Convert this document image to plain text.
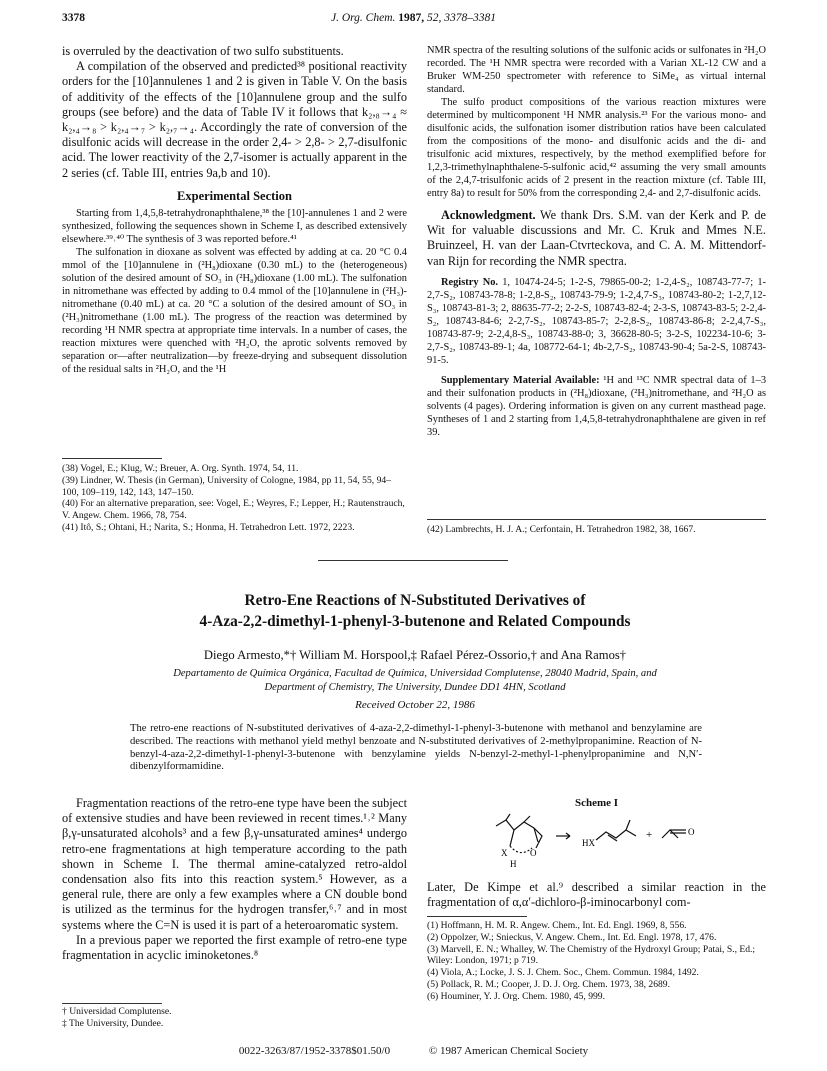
3378	J. Org. Chem. 1987, 52, 3378–3381

is overruled by the deactivation of two sulfo substituents.

A compilation of the observed and predicted³⁸ positional reactivity orders for the [10]annulenes 1 and 2 is given in Table V. On the basis of additivity of the effects of the [10]annulene group and the sulfo groups (see before) and the data of Table IV it follows that k₂,₈→₄ ≈ k₂,₄→₈ > k₂,₄→₇ > k₂,₇→₄. Accordingly the rate of conversion of the disulfonic acids will decrease in the order 2,4- > 2,8- > 2,7-disulfonic acid. The lower reactivity of the 2,7-isomer is actually apparent in the 2 series (cf. Table III, entries 9a,b and 10).

Experimental Section

Starting from 1,4,5,8-tetrahydronaphthalene,³⁸ the [10]-annulenes 1 and 2 were synthesized, following the sequences shown in Scheme I, as described extensively elsewhere.³⁹˒⁴⁰ The synthesis of 3 was reported before.⁴¹

The sulfonation in dioxane as solvent was effected by adding at ca. 20 °C 0.4 mmol of the [10]annulene in (²H₈)dioxane (0.30 mL) to the (heterogeneous) solution of the desired amount of SO₃ in (²H₈)dioxane (1.00 mL). The sulfonation in nitromethane was effected by adding to 0.4 mmol of the [10]annulene in (²H₃)-nitromethane (0.40 mL) at ca. 20 °C a solution of the desired amount of SO₃ in (²H₃)nitromethane (1.00 mL). The progress of the reaction was determined by recording ¹H NMR spectra at appropriate time intervals. In a number of cases, the reaction mixtures were quenched with ²H₂O, the aprotic solvents removed by separation or—after neutralization—by freeze-drying and subsequent dissolution of the residual salts in ²H₂O, and the ¹H

(38) Vogel, E.; Klug, W.; Breuer, A. Org. Synth. 1974, 54, 11.

(39) Lindner, W. Thesis (in German), University of Cologne, 1984, pp 11, 54, 55, 94–100, 109–119, 142, 143, 147–150.

(40) For an alternative preparation, see: Vogel, E.; Weyres, F.; Lepper, H.; Rautenstrauch, V. Angew. Chem. 1966, 78, 754.

(41) Itô, S.; Ohtani, H.; Narita, S.; Honma, H. Tetrahedron Lett. 1972, 2223.

NMR spectra of the resulting solutions of the sulfonic acids or sulfonates in ²H₂O recorded. The ¹H NMR spectra were recorded with a Varian XL-12 CW and a Bruker WM-250 spectrometer with reference to SiMe₄ as virtual internal standard.

The sulfo product compositions of the various reaction mixtures were determined by multicomponent ¹H NMR analysis.²³ For the various mono- and disulfonic acids, the sulfonation isomer distribution ratios have been calculated from the compositions of the mono- and disulfonic acids and the di- and trisulfonic acid mixtures, respectively, by the method exemplified before for 1,2,3-trimethylnaphthalene-5-sulfonic acid,⁴² assuming the very small amounts of the 2,4,7-trisulfonic acids of 2 present in the reaction mixture (cf. Table III, entry 8a) to result for 50% from the corresponding 2,4- and 2,7-disulfonic acids.

Acknowledgment. We thank Drs. S.M. van der Kerk and P. de Wit for valuable discussions and Mr. C. Kruk and Mmes N.E. Bruinzeel, H. van der Laan-Ctvrteckova, and C. A. M. Mittendorf-van Rijn for recording the NMR spectra.

Registry No. 1, 10474-24-5; 1-2-S, 79865-00-2; 1-2,4-S₂, 108743-77-7; 1-2,7-S₂, 108743-78-8; 1-2,8-S₂, 108743-79-9; 1-2,4,7-S₃, 108743-80-2; 1-2,7,12-S₃, 108743-81-3; 2, 88635-77-2; 2-2-S, 108743-82-4; 2-3-S, 108743-83-5; 2-2,4-S₂, 108743-84-6; 2-2,7-S₂, 108743-85-7; 2-2,8-S₂, 108743-86-8; 2-2,4,7-S₃, 108743-87-9; 2-2,4,8-S₃, 108743-88-0; 3, 36628-80-5; 3-2-S, 102234-10-6; 3-2,7-S₂, 108743-89-1; 4a, 108772-64-1; 4b-2,7-S₂, 108743-90-4; 5a-2-S, 108743-91-5.

Supplementary Material Available: ¹H and ¹³C NMR spectral data of 1–3 and their sulfonation products in (²H₈)dioxane, (²H₃)nitromethane, and ²H₂O as solvents (4 pages). Ordering information is given on any current masthead page. Syntheses of 1 and 2 starting from 1,4,5,8-tetrahydronaphthalene are given in ref 39.

(42) Lambrechts, H. J. A.; Cerfontain, H. Tetrahedron 1982, 38, 1667.

Retro-Ene Reactions of N-Substituted Derivatives of
4-Aza-2,2-dimethyl-1-phenyl-3-butenone and Related Compounds
Diego Armesto,*† William M. Horspool,‡ Rafael Pérez-Ossorio,† and Ana Ramos†
Departamento de Química Orgánica, Facultad de Química, Universidad Complutense, 28040 Madrid, Spain, and
Department of Chemistry, The University, Dundee DD1 4HN, Scotland
Received October 22, 1986
The retro-ene reactions of N-substituted derivatives of 4-aza-2,2-dimethyl-1-phenyl-3-butenone with methanol and benzylamine are described. The reactions with methanol yield methyl benzoate and N-substituted derivatives of 2-methylpropanimine. Reaction of N-benzyl-4-aza-2,2-dimethyl-1-phenyl-3-butenone with benzylamine yields N-benzyl-2-methyl-1-phenylpropanimine and N,N′-dibenzylformamidine.

Fragmentation reactions of the retro-ene type have been the subject of extensive studies and have been reviewed in recent times.¹˒² Many β,γ-unsaturated alcohols³ and a few β,γ-unsaturated amines⁴ undergo retro-ene fragmentations at high temperature according to the path shown in Scheme I. The thermal amine-catalyzed retro-aldol condensation also fits into this reaction system.⁵ However, as a general rule, there are only a few examples where a CN double bond is utilized as the terminus for the hydrogen transfer,⁶˒⁷ and in most systems where the C=N is used it is part of a heteroaromatic system.

In a previous paper we reported the first example of retro-ene type fragmentation in acyclic iminoketones.⁸

† Universidad Complutense.

‡ The University, Dundee.

Scheme I
X
H
O
HX
+	O

Later, De Kimpe et al.⁹ described a similar reaction in the fragmentation of α,α′-dichloro-β-iminocarbonyl com-

(1) Hoffmann, H. M. R. Angew. Chem., Int. Ed. Engl. 1969, 8, 556.

(2) Oppolzer, W.; Snieckus, V. Angew. Chem., Int. Ed. Engl. 1978, 17, 476.

(3) Marvell, E. N.; Whalley, W. The Chemistry of the Hydroxyl Group; Patai, S., Ed.; Wiley: London, 1971; p 719.

(4) Viola, A.; Locke, J. S. J. Chem. Soc., Chem. Commun. 1984, 1492.

(5) Pollack, R. M.; Cooper, J. D. J. Org. Chem. 1973, 38, 2689.

(6) Houminer, Y. J. Org. Chem. 1980, 45, 999.

0022-3263/87/1952-3378$01.50/0	© 1987 American Chemical Society
